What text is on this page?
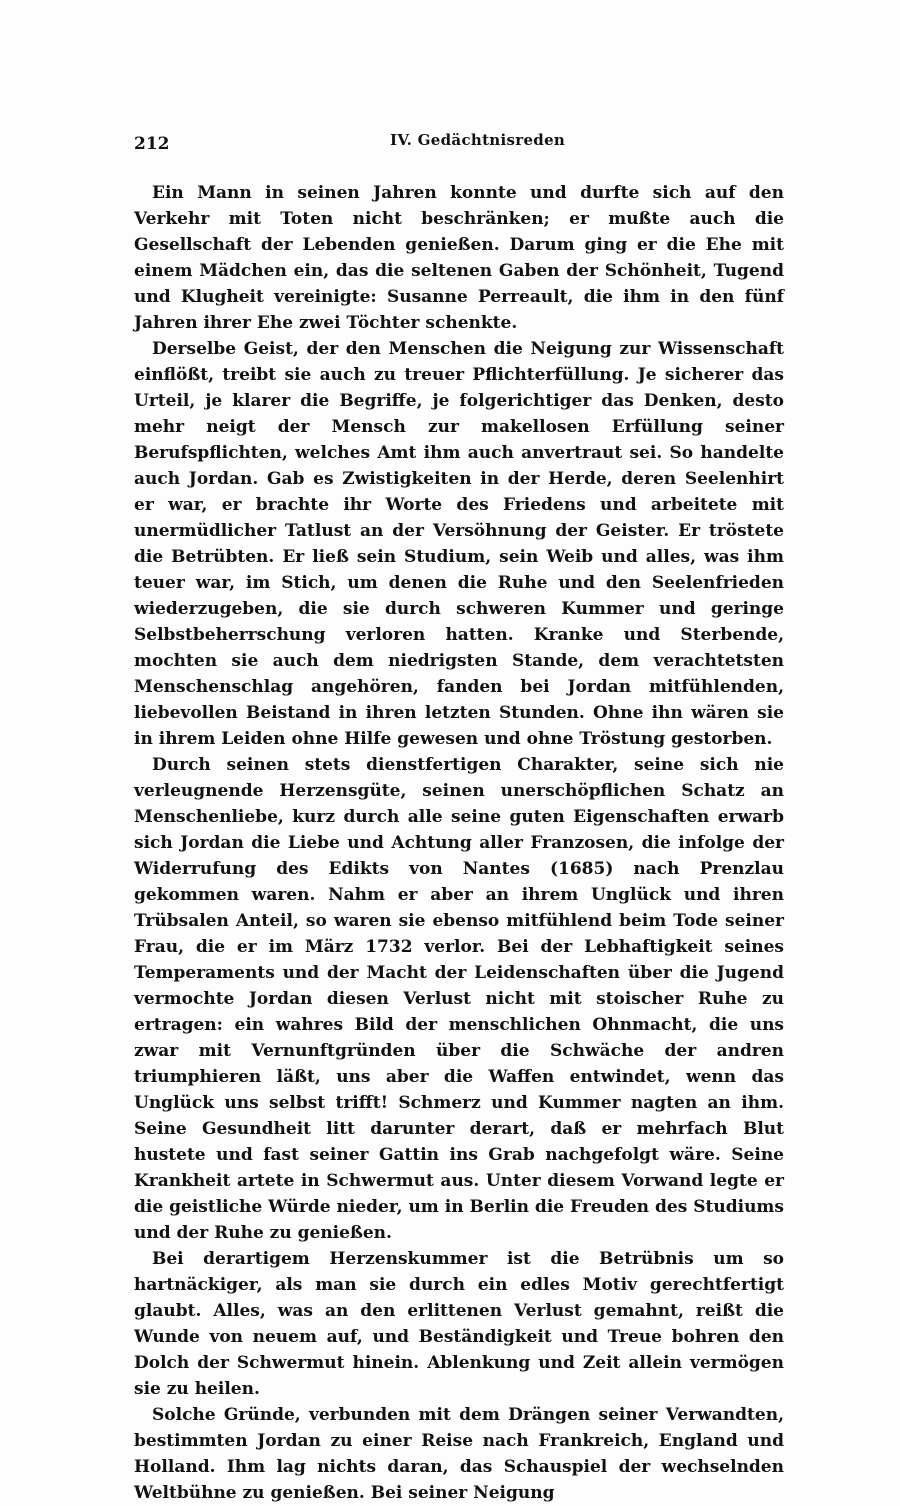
212	IV. Gedächtnisreden

Ein Mann in seinen Jahren konnte und durfte sich auf den Verkehr mit Toten nicht beschränken; er mußte auch die Gesellschaft der Lebenden genießen. Darum ging er die Ehe mit einem Mädchen ein, das die seltenen Gaben der Schönheit, Tugend und Klugheit vereinigte: Susanne Perreault, die ihm in den fünf Jahren ihrer Ehe zwei Töchter schenkte.

Derselbe Geist, der den Menschen die Neigung zur Wissenschaft einflößt, treibt sie auch zu treuer Pflichterfüllung. Je sicherer das Urteil, je klarer die Begriffe, je folgerichtiger das Denken, desto mehr neigt der Mensch zur makellosen Erfüllung seiner Berufspflichten, welches Amt ihm auch anvertraut sei. So handelte auch Jordan. Gab es Zwistigkeiten in der Herde, deren Seelenhirt er war, er brachte ihr Worte des Friedens und arbeitete mit unermüdlicher Tatlust an der Versöhnung der Geister. Er tröstete die Betrübten. Er ließ sein Studium, sein Weib und alles, was ihm teuer war, im Stich, um denen die Ruhe und den Seelenfrieden wiederzugeben, die sie durch schweren Kummer und geringe Selbstbeherrschung verloren hatten. Kranke und Sterbende, mochten sie auch dem niedrigsten Stande, dem verachtetsten Menschenschlag angehören, fanden bei Jordan mitfühlenden, liebevollen Beistand in ihren letzten Stunden. Ohne ihn wären sie in ihrem Leiden ohne Hilfe gewesen und ohne Tröstung gestorben.

Durch seinen stets dienstfertigen Charakter, seine sich nie verleugnende Herzensgüte, seinen unerschöpflichen Schatz an Menschenliebe, kurz durch alle seine guten Eigenschaften erwarb sich Jordan die Liebe und Achtung aller Franzosen, die infolge der Widerrufung des Edikts von Nantes (1685) nach Prenzlau gekommen waren. Nahm er aber an ihrem Unglück und ihren Trübsalen Anteil, so waren sie ebenso mitfühlend beim Tode seiner Frau, die er im März 1732 verlor. Bei der Lebhaftigkeit seines Temperaments und der Macht der Leidenschaften über die Jugend vermochte Jordan diesen Verlust nicht mit stoischer Ruhe zu ertragen: ein wahres Bild der menschlichen Ohnmacht, die uns zwar mit Vernunftgründen über die Schwäche der andren triumphieren läßt, uns aber die Waffen entwindet, wenn das Unglück uns selbst trifft! Schmerz und Kummer nagten an ihm. Seine Gesundheit litt darunter derart, daß er mehrfach Blut hustete und fast seiner Gattin ins Grab nachgefolgt wäre. Seine Krankheit artete in Schwermut aus. Unter diesem Vorwand legte er die geistliche Würde nieder, um in Berlin die Freuden des Studiums und der Ruhe zu genießen.

Bei derartigem Herzenskummer ist die Betrübnis um so hartnäckiger, als man sie durch ein edles Motiv gerechtfertigt glaubt. Alles, was an den erlittenen Verlust gemahnt, reißt die Wunde von neuem auf, und Beständigkeit und Treue bohren den Dolch der Schwermut hinein. Ablenkung und Zeit allein vermögen sie zu heilen.

Solche Gründe, verbunden mit dem Drängen seiner Verwandten, bestimmten Jordan zu einer Reise nach Frankreich, England und Holland. Ihm lag nichts daran, das Schauspiel der wechselnden Weltbühne zu genießen. Bei seiner Neigung
